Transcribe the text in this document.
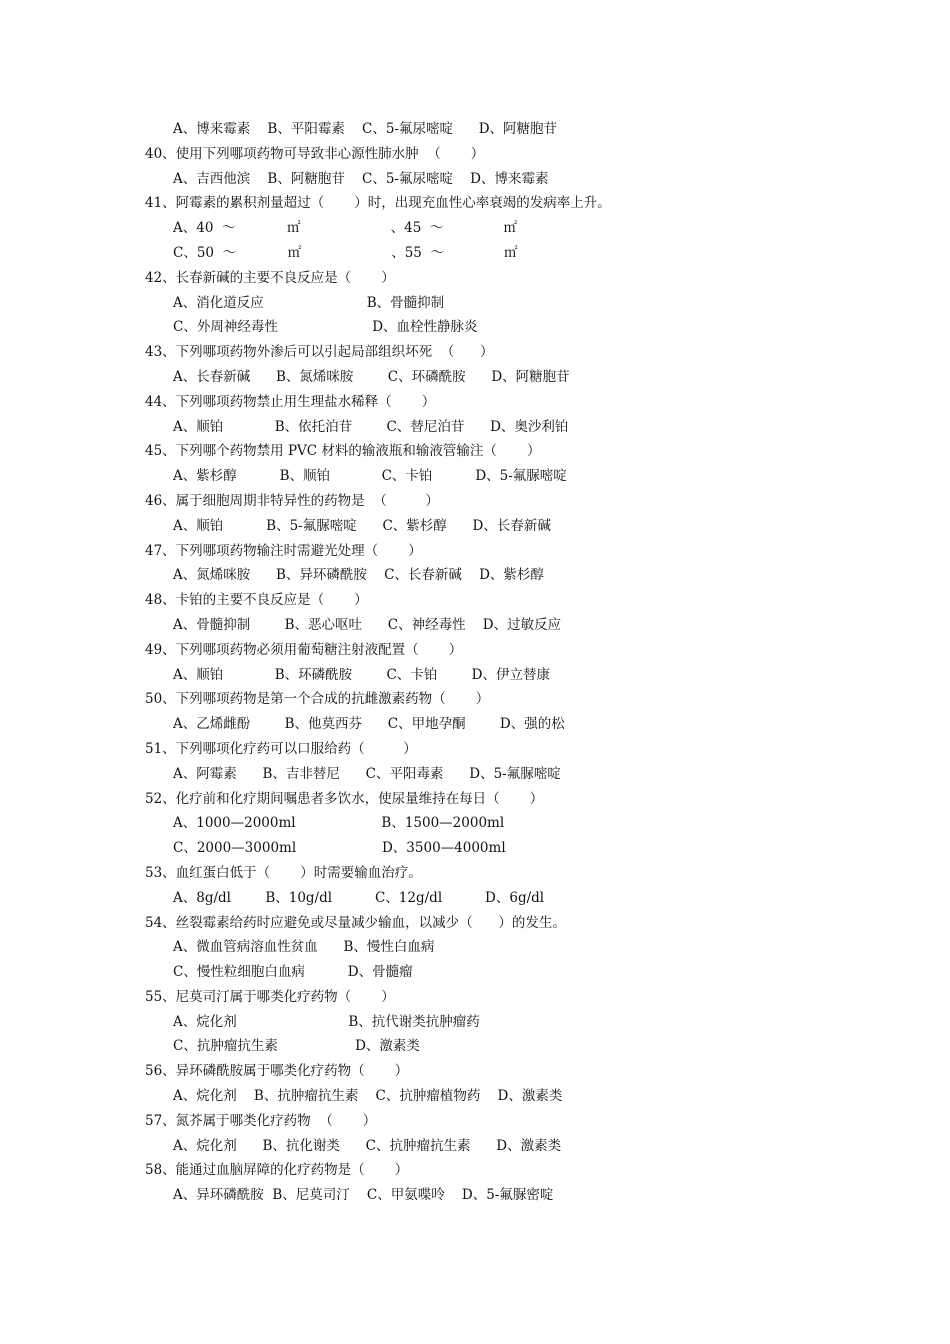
A、博来霉素    B、平阳霉素    C、5-氟尿嘧啶      D、阿糖胞苷
40、使用下列哪项药物可导致非心源性肺水肿  （       ）
A、吉西他滨    B、阿糖胞苷    C、5-氟尿嘧啶    D、博来霉素
41、阿霉素的累积剂量超过（       ）时，出现充血性心率衰竭的发病率上升。
A、40  ～            ㎡                     、45  ～              ㎡
C、50  ～            ㎡                     、55  ～              ㎡
42、长春新碱的主要不良反应是（       ）
A、消化道反应                        B、骨髓抑制
C、外周神经毒性                      D、血栓性静脉炎
43、下列哪项药物外渗后可以引起局部组织坏死  （      ）
A、长春新碱      B、氮烯咪胺        C、环磷酰胺      D、阿糖胞苷
44、下列哪项药物禁止用生理盐水稀释（       ）
A、顺铂            B、依托泊苷        C、替尼泊苷      D、奥沙利铂
45、下列哪个药物禁用 PVC 材料的输液瓶和输液管输注（       ）
A、紫杉醇          B、顺铂            C、卡铂          D、5-氟脲嘧啶
46、属于细胞周期非特异性的药物是  （         ）
A、顺铂          B、5-氟脲嘧啶      C、紫杉醇      D、长春新碱
47、下列哪项药物输注时需避光处理（       ）
A、氮烯咪胺      B、异环磷酰胺    C、长春新碱    D、紫杉醇
48、卡铂的主要不良反应是（       ）
A、骨髓抑制        B、恶心呕吐      C、神经毒性    D、过敏反应
49、下列哪项药物必须用葡萄糖注射液配置（       ）
A、顺铂            B、环磷酰胺        C、卡铂        D、伊立替康
50、下列哪项药物是第一个合成的抗雌激素药物（       ）
A、乙烯雌酚        B、他莫西芬      C、甲地孕酮        D、强的松
51、下列哪项化疗药可以口服给药（         ）
A、阿霉素      B、吉非替尼      C、平阳毒素      D、5-氟脲嘧啶
52、化疗前和化疗期间嘱患者多饮水，使尿量维持在每日（       ）
A、1000—2000ml                    B、1500—2000ml
C、2000—3000ml                    D、3500—4000ml
53、血红蛋白低于（       ）时需要输血治疗。
A、8g/dl        B、10g/dl          C、12g/dl          D、6g/dl
54、丝裂霉素给药时应避免或尽量减少输血，以减少（      ）的发生。
A、微血管病溶血性贫血      B、慢性白血病
C、慢性粒细胞白血病          D、骨髓瘤
55、尼莫司汀属于哪类化疗药物（       ）
A、烷化剂                          B、抗代谢类抗肿瘤药
C、抗肿瘤抗生素                  D、激素类
56、异环磷酰胺属于哪类化疗药物（       ）
A、烷化剂    B、抗肿瘤抗生素    C、抗肿瘤植物药    D、激素类
57、氮芥属于哪类化疗药物  （       ）
A、烷化剂      B、抗化谢类      C、抗肿瘤抗生素      D、激素类
58、能通过血脑屏障的化疗药物是（       ）
A、异环磷酰胺  B、尼莫司汀    C、甲氨喋呤    D、5-氟脲密啶
